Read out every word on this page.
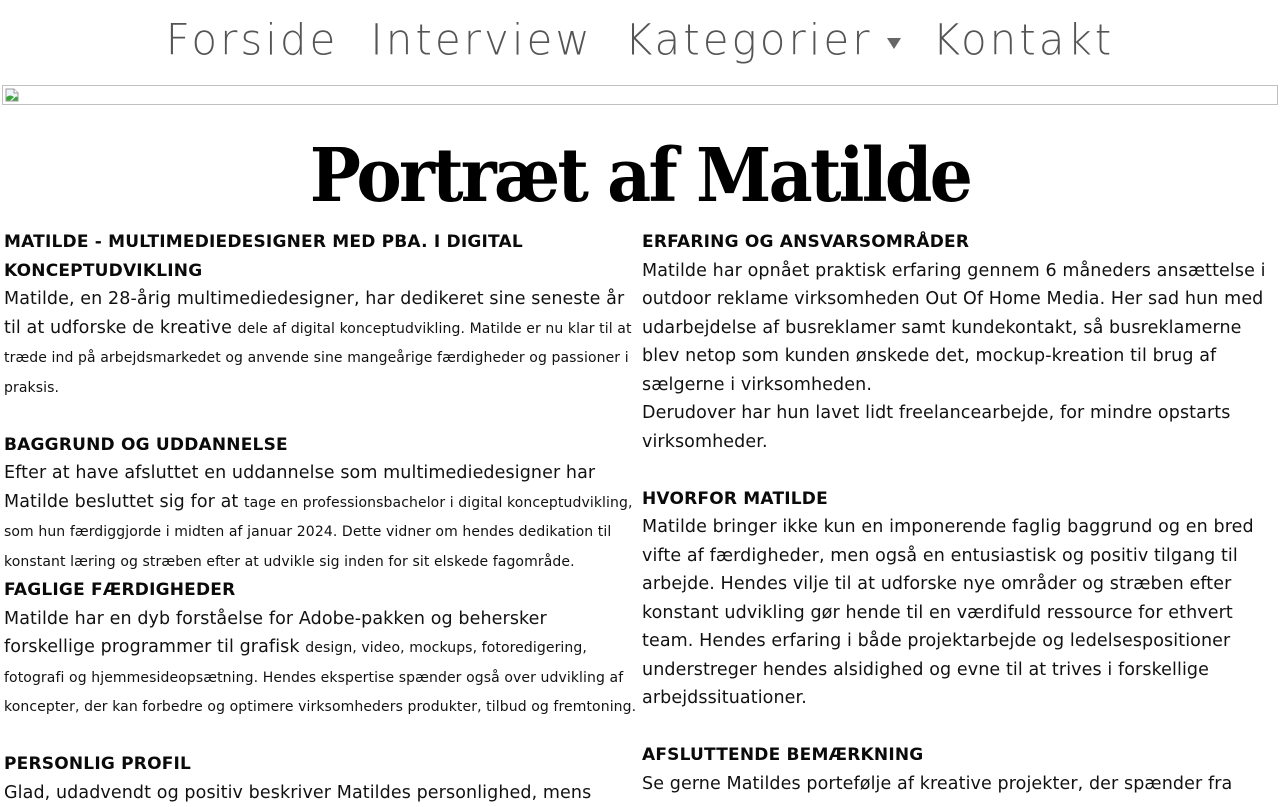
Forside Interview Kategorier Kontakt
Portræt af Matilde
MATILDE - MULTIMEDIEDESIGNER MED PBA. I DIGITAL KONCEPTUDVIKLING

Matilde, en 28-årig multimediedesigner, har dedikeret sine seneste år til at udforske de kreative dele af digital konceptudvikling. Matilde er nu klar til at træde ind på arbejdsmarkedet og anvende sine mangeårige færdigheder og passioner i praksis.

BAGGRUND OG UDDANNELSE

Efter at have afsluttet en uddannelse som multimediedesigner har Matilde besluttet sig for at tage en professionsbachelor i digital konceptudvikling, som hun færdiggjorde i midten af januar 2024. Dette vidner om hendes dedikation til konstant læring og stræben efter at udvikle sig inden for sit elskede fagområde.

FAGLIGE FÆRDIGHEDER

Matilde har en dyb forståelse for Adobe-pakken og behersker forskellige programmer til grafisk design, video, mockups, fotoredigering, fotografi og hjemmesideopsætning. Hendes ekspertise spænder også over udvikling af koncepter, der kan forbedre og optimere virksomheders produkter, tilbud og fremtoning.

PERSONLIG PROFIL

Glad, udadvendt og positiv beskriver Matildes personlighed, mens

ERFARING OG ANSVARSOMRÅDER

Matilde har opnået praktisk erfaring gennem 6 måneders ansættelse i outdoor reklame virksomheden Out Of Home Media. Her sad hun med udarbejdelse af busreklamer samt kundekontakt, så busreklamerne blev netop som kunden ønskede det, mockup-kreation til brug af sælgerne i virksomheden.

Derudover har hun lavet lidt freelancearbejde, for mindre opstarts virksomheder.

HVORFOR MATILDE

Matilde bringer ikke kun en imponerende faglig baggrund og en bred vifte af færdigheder, men også en entusiastisk og positiv tilgang til arbejde. Hendes vilje til at udforske nye områder og stræben efter konstant udvikling gør hende til en værdifuld ressource for ethvert team. Hendes erfaring i både projektarbejde og ledelsespositioner understreger hendes alsidighed og evne til at trives i forskellige arbejdssituationer.

AFSLUTTENDE BEMÆRKNING

Se gerne Matildes portefølje af kreative projekter, der spænder fra
